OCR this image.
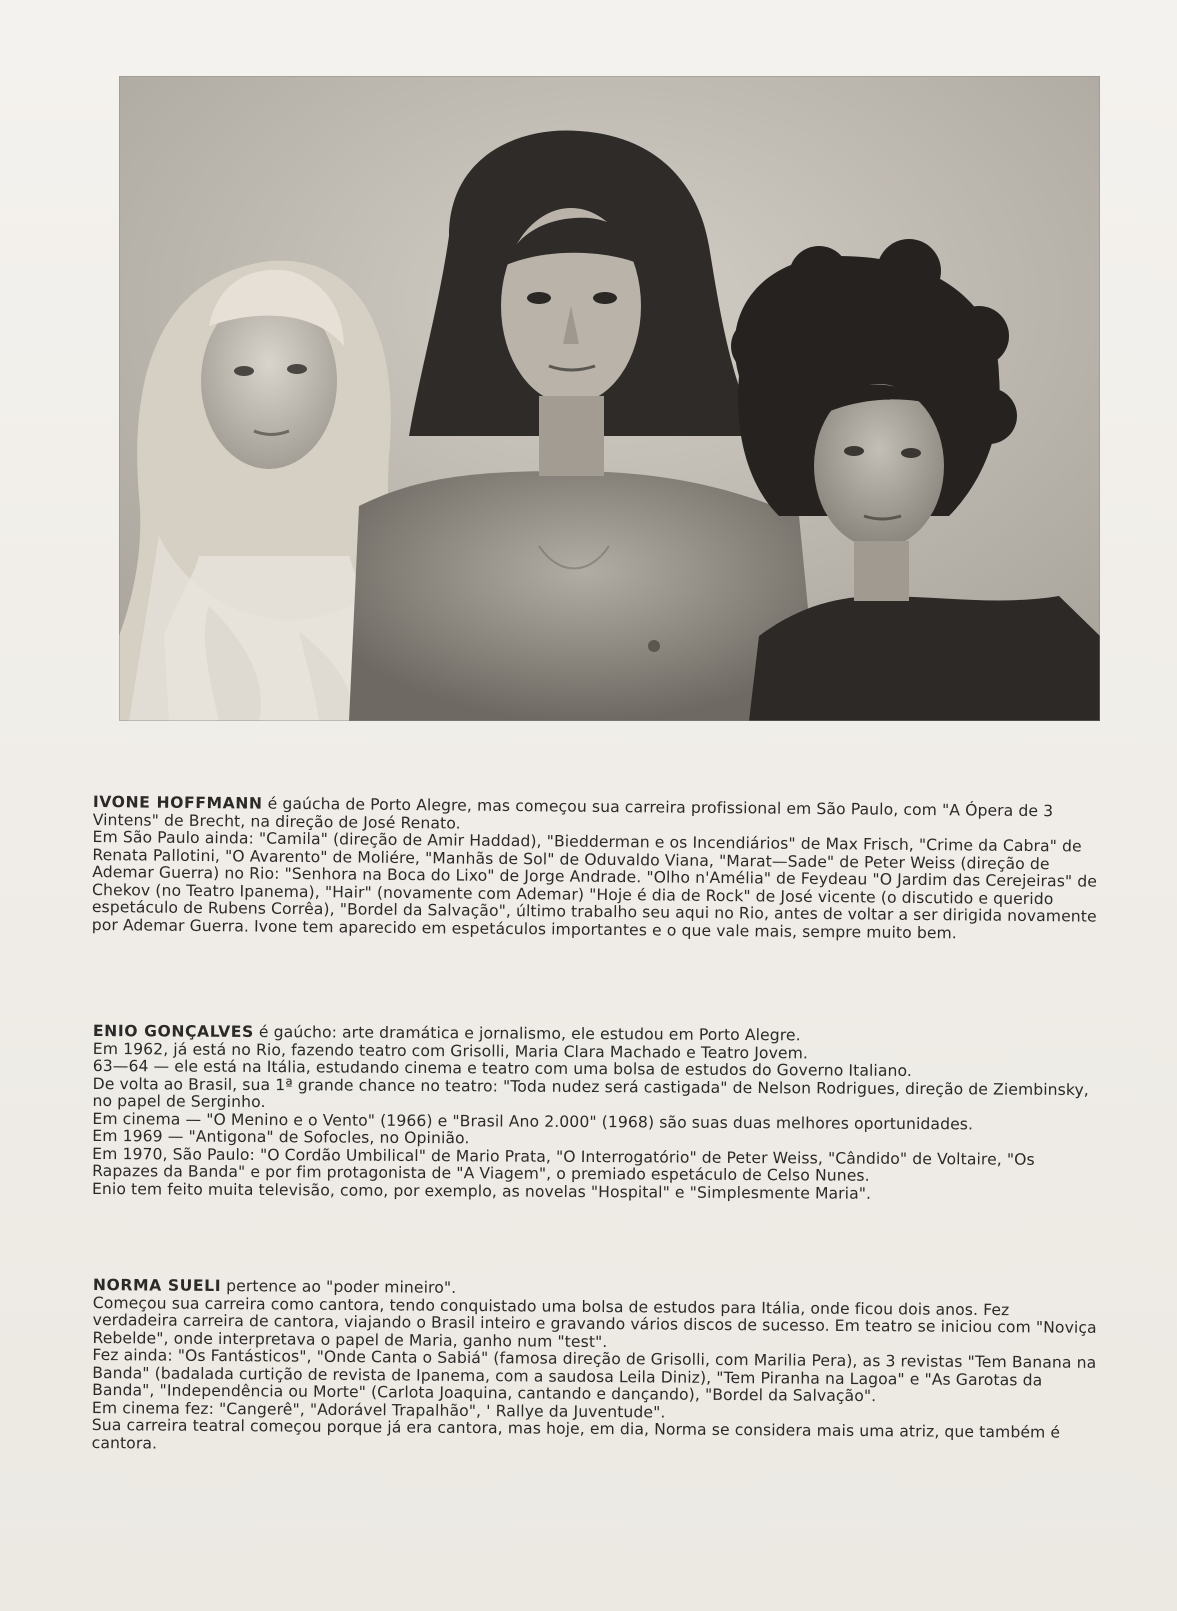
IVONE HOFFMANN é gaúcha de Porto Alegre, mas começou sua carreira profissional em São Paulo, com "A Ópera de 3 Vintens" de Brecht, na direção de José Renato.

Em São Paulo ainda: "Camila" (direção de Amir Haddad), "Biedderman e os Incendiários" de Max Frisch, "Crime da Cabra" de Renata Pallotini, "O Avarento" de Moliére, "Manhãs de Sol" de Oduvaldo Viana, "Marat—Sade" de Peter Weiss (direção de Ademar Guerra) no Rio: "Senhora na Boca do Lixo" de Jorge Andrade. "Olho n'Amélia" de Feydeau "O Jardim das Cerejeiras" de Chekov (no Teatro Ipanema), "Hair" (novamente com Ademar) "Hoje é dia de Rock" de José vicente (o discutido e querido espetáculo de Rubens Corrêa), "Bordel da Salvação", último trabalho seu aqui no Rio, antes de voltar a ser dirigida novamente por Ademar Guerra. Ivone tem aparecido em espetáculos importantes e o que vale mais, sempre muito bem.

ENIO GONÇALVES é gaúcho: arte dramática e jornalismo, ele estudou em Porto Alegre.

Em 1962, já está no Rio, fazendo teatro com Grisolli, Maria Clara Machado e Teatro Jovem.

63—64 — ele está na Itália, estudando cinema e teatro com uma bolsa de estudos do Governo Italiano.

De volta ao Brasil, sua 1ª grande chance no teatro: "Toda nudez será castigada" de Nelson Rodrigues, direção de Ziembinsky, no papel de Serginho.

Em cinema — "O Menino e o Vento" (1966) e "Brasil Ano 2.000" (1968) são suas duas melhores oportunidades.

Em 1969 — "Antigona" de Sofocles, no Opinião.

Em 1970, São Paulo: "O Cordão Umbilical" de Mario Prata, "O Interrogatório" de Peter Weiss, "Cândido" de Voltaire, "Os Rapazes da Banda" e por fim protagonista de "A Viagem", o premiado espetáculo de Celso Nunes.

Enio tem feito muita televisão, como, por exemplo, as novelas "Hospital" e "Simplesmente Maria".

NORMA SUELI pertence ao "poder mineiro".

Começou sua carreira como cantora, tendo conquistado uma bolsa de estudos para Itália, onde ficou dois anos. Fez verdadeira carreira de cantora, viajando o Brasil inteiro e gravando vários discos de sucesso. Em teatro se iniciou com "Noviça Rebelde", onde interpretava o papel de Maria, ganho num "test".

Fez ainda: "Os Fantásticos", "Onde Canta o Sabiá" (famosa direção de Grisolli, com Marilia Pera), as 3 revistas "Tem Banana na Banda" (badalada curtição de revista de Ipanema, com a saudosa Leila Diniz), "Tem Piranha na Lagoa" e "As Garotas da Banda", "Independência ou Morte" (Carlota Joaquina, cantando e dançando), "Bordel da Salvação".

Em cinema fez: "Cangerê", "Adorável Trapalhão", ' Rallye da Juventude".

Sua carreira teatral começou porque já era cantora, mas hoje, em dia, Norma se considera mais uma atriz, que também é cantora.
